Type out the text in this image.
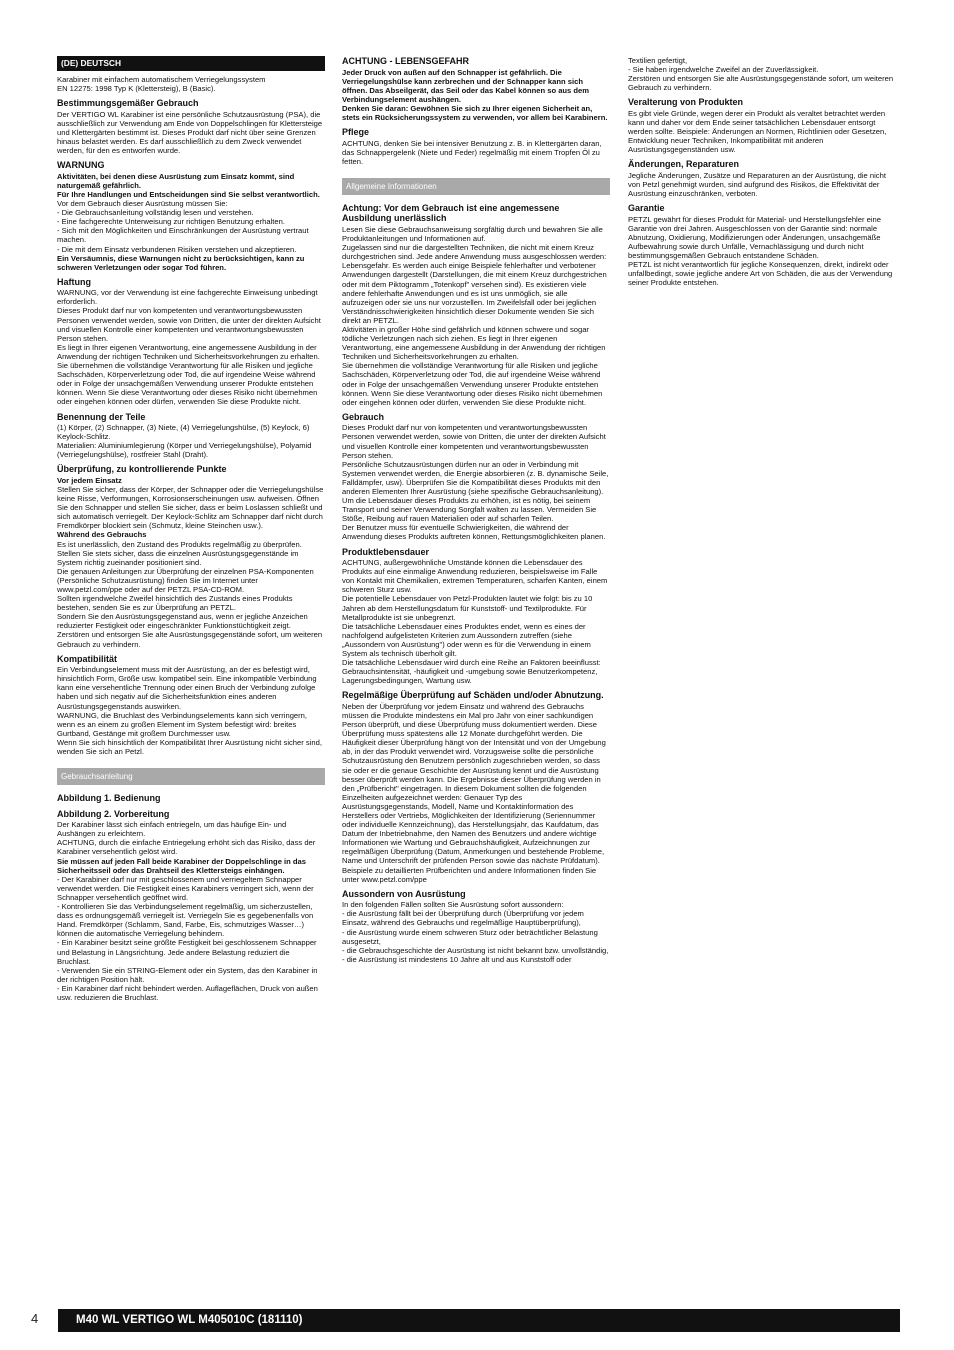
(DE) DEUTSCH

Karabiner mit einfachem automatischem Verriegelungssystem
EN 12275: 1998 Typ K (Klettersteig), B (Basic).

Bestimmungsgemäßer Gebrauch

Der VERTIGO WL Karabiner ist eine persönliche Schutzausrüstung (PSA), die ausschließlich zur Verwendung am Ende von Doppelschlingen für Klettersteige und Klettergärten bestimmt ist. Dieses Produkt darf nicht über seine Grenzen hinaus belastet werden. Es darf ausschließlich zu dem Zweck verwendet werden, für den es entworfen wurde.

WARNUNG

Aktivitäten, bei denen diese Ausrüstung zum Einsatz kommt, sind naturgemäß gefährlich.
Für Ihre Handlungen und Entscheidungen sind Sie selbst verantwortlich.

Vor dem Gebrauch dieser Ausrüstung müssen Sie:
- Die Gebrauchsanleitung vollständig lesen und verstehen.
- Eine fachgerechte Unterweisung zur richtigen Benutzung erhalten.
- Sich mit den Möglichkeiten und Einschränkungen der Ausrüstung vertraut machen.
- Die mit dem Einsatz verbundenen Risiken verstehen und akzeptieren.

Ein Versäumnis, diese Warnungen nicht zu berücksichtigen, kann zu schweren Verletzungen oder sogar Tod führen.

Haftung

WARNUNG, vor der Verwendung ist eine fachgerechte Einweisung unbedingt erforderlich.
Dieses Produkt darf nur von kompetenten und verantwortungsbewussten Personen verwendet werden, sowie von Dritten, die unter der direkten Aufsicht und visuellen Kontrolle einer kompetenten und verantwortungsbewussten Person stehen.
Es liegt in Ihrer eigenen Verantwortung, eine angemessene Ausbildung in der Anwendung der richtigen Techniken und Sicherheitsvorkehrungen zu erhalten.
Sie übernehmen die vollständige Verantwortung für alle Risiken und jegliche Sachschäden, Körperverletzung oder Tod, die auf irgendeine Weise während oder in Folge der unsachgemäßen Verwendung unserer Produkte entstehen können. Wenn Sie diese Verantwortung oder dieses Risiko nicht übernehmen oder eingehen können oder dürfen, verwenden Sie diese Produkte nicht.

Benennung der Teile

(1) Körper, (2) Schnapper, (3) Niete, (4) Verriegelungshülse, (5) Keylock, 6) Keylock-Schlitz.
Materialien: Aluminiumlegierung (Körper und Verriegelungshülse), Polyamid (Verriegelungshülse), rostfreier Stahl (Draht).

Überprüfung, zu kontrollierende Punkte

Vor jedem Einsatz

Stellen Sie sicher, dass der Körper, der Schnapper oder die Verriegelungshülse keine Risse, Verformungen, Korrosionserscheinungen usw. aufweisen. Öffnen Sie den Schnapper und stellen Sie sicher, dass er beim Loslassen schließt und sich automatisch verriegelt. Der Keylock-Schlitz am Schnapper darf nicht durch Fremdkörper blockiert sein (Schmutz, kleine Steinchen usw.).

Während des Gebrauchs

Es ist unerlässlich, den Zustand des Produkts regelmäßig zu überprüfen. Stellen Sie stets sicher, dass die einzelnen Ausrüstungsgegenstände im System richtig zueinander positioniert sind.
Die genauen Anleitungen zur Überprüfung der einzelnen PSA-Komponenten (Persönliche Schutzausrüstung) finden Sie im Internet unter www.petzl.com/ppe oder auf der PETZL PSA-CD-ROM.
Sollten irgendwelche Zweifel hinsichtlich des Zustands eines Produkts bestehen, senden Sie es zur Überprüfung an PETZL.
Sondern Sie den Ausrüstungsgegenstand aus, wenn er jegliche Anzeichen reduzierter Festigkeit oder eingeschränkter Funktionstüchtigkeit zeigt. Zerstören und entsorgen Sie alte Ausrüstungsgegenstände sofort, um weiteren Gebrauch zu verhindern.

Kompatibilität

Ein Verbindungselement muss mit der Ausrüstung, an der es befestigt wird, hinsichtlich Form, Größe usw. kompatibel sein. Eine inkompatible Verbindung kann eine versehentliche Trennung oder einen Bruch der Verbindung zufolge haben und sich negativ auf die Sicherheitsfunktion eines anderen Ausrüstungsgegenstands auswirken.
WARNUNG, die Bruchlast des Verbindungselements kann sich verringern, wenn es an einem zu großen Element im System befestigt wird: breites Gurtband, Gestänge mit großem Durchmesser usw.
Wenn Sie sich hinsichtlich der Kompatibilität Ihrer Ausrüstung nicht sicher sind, wenden Sie sich an Petzl.

Gebrauchsanleitung
Abbildung 1. Bedienung
Abbildung 2. Vorbereitung

Der Karabiner lässt sich einfach entriegeln, um das häufige Ein- und Aushängen zu erleichtern.
ACHTUNG, durch die einfache Entriegelung erhöht sich das Risiko, dass der Karabiner versehentlich gelöst wird.

Sie müssen auf jeden Fall beide Karabiner der Doppelschlinge in das Sicherheitsseil oder das Drahtseil des Klettersteigs einhängen.

- Der Karabiner darf nur mit geschlossenem und verriegeltem Schnapper verwendet werden. Die Festigkeit eines Karabiners verringert sich, wenn der Schnapper versehentlich geöffnet wird.
- Kontrollieren Sie das Verbindungselement regelmäßig, um sicherzustellen, dass es ordnungsgemäß verriegelt ist. Verriegeln Sie es gegebenenfalls von Hand. Fremdkörper (Schlamm, Sand, Farbe, Eis, schmutziges Wasser…) können die automatische Verriegelung behindern.
- Ein Karabiner besitzt seine größte Festigkeit bei geschlossenem Schnapper und Belastung in Längsrichtung. Jede andere Belastung reduziert die Bruchlast.
- Verwenden Sie ein STRING-Element oder ein System, das den Karabiner in der richtigen Position hält.
- Ein Karabiner darf nicht behindert werden. Auflageflächen, Druck von außen usw. reduzieren die Bruchlast.

ACHTUNG - LEBENSGEFAHR

Jeder Druck von außen auf den Schnapper ist gefährlich. Die Verriegelungshülse kann zerbrechen und der Schnapper kann sich öffnen. Das Abseilgerät, das Seil oder das Kabel können so aus dem Verbindungselement aushängen.
Denken Sie daran: Gewöhnen Sie sich zu Ihrer eigenen Sicherheit an, stets ein Rücksicherungssystem zu verwenden, vor allem bei Karabinern.

Pflege

ACHTUNG, denken Sie bei intensiver Benutzung z. B. in Klettergärten daran, das Schnappergelenk (Niete und Feder) regelmäßig mit einem Tropfen Öl zu fetten.

Allgemeine Informationen
Achtung: Vor dem Gebrauch ist eine angemessene Ausbildung unerlässlich

Lesen Sie diese Gebrauchsanweisung sorgfältig durch und bewahren Sie alle Produktanleitungen und Informationen auf.
Zugelassen sind nur die dargestellten Techniken, die nicht mit einem Kreuz durchgestrichen sind. Jede andere Anwendung muss ausgeschlossen werden: Lebensgefahr. Es werden auch einige Beispiele fehlerhafter und verbotener Anwendungen dargestellt (Darstellungen, die mit einem Kreuz durchgestrichen oder mit dem Piktogramm „Totenkopf" versehen sind). Es existieren viele andere fehlerhafte Anwendungen und es ist uns unmöglich, sie alle aufzuzeigen oder sie uns nur vorzustellen. Im Zweifelsfall oder bei jeglichen Verständnisschwierigkeiten hinsichtlich dieser Dokumente wenden Sie sich direkt an PETZL.
Aktivitäten in großer Höhe sind gefährlich und können schwere und sogar tödliche Verletzungen nach sich ziehen. Es liegt in Ihrer eigenen Verantwortung, eine angemessene Ausbildung in der Anwendung der richtigen Techniken und Sicherheitsvorkehrungen zu erhalten.
Sie übernehmen die vollständige Verantwortung für alle Risiken und jegliche Sachschäden, Körperverletzung oder Tod, die auf irgendeine Weise während oder in Folge der unsachgemäßen Verwendung unserer Produkte entstehen können. Wenn Sie diese Verantwortung oder dieses Risiko nicht übernehmen oder eingehen können oder dürfen, verwenden Sie diese Produkte nicht.

Gebrauch

Dieses Produkt darf nur von kompetenten und verantwortungsbewussten Personen verwendet werden, sowie von Dritten, die unter der direkten Aufsicht und visuellen Kontrolle einer kompetenten und verantwortungsbewussten Person stehen.
Persönliche Schutzausrüstungen dürfen nur an oder in Verbindung mit Systemen verwendet werden, die Energie absorbieren (z. B. dynamische Seile, Falldämpfer, usw). Überprüfen Sie die Kompatibilität dieses Produkts mit den anderen Elementen Ihrer Ausrüstung (siehe spezifische Gebrauchsanleitung).
Um die Lebensdauer dieses Produkts zu erhöhen, ist es nötig, bei seinem Transport und seiner Verwendung Sorgfalt walten zu lassen. Vermeiden Sie Stöße, Reibung auf rauen Materialien oder auf scharfen Teilen.
Der Benutzer muss für eventuelle Schwierigkeiten, die während der Anwendung dieses Produkts auftreten können, Rettungsmöglichkeiten planen.

Produktlebensdauer

ACHTUNG, außergewöhnliche Umstände können die Lebensdauer des Produkts auf eine einmalige Anwendung reduzieren, beispielsweise im Falle von Kontakt mit Chemikalien, extremen Temperaturen, scharfen Kanten, einem schweren Sturz usw.
Die potentielle Lebensdauer von Petzl-Produkten lautet wie folgt: bis zu 10 Jahren ab dem Herstellungsdatum für Kunststoff- und Textilprodukte. Für Metallprodukte ist sie unbegrenzt.
Die tatsächliche Lebensdauer eines Produktes endet, wenn es eines der nachfolgend aufgelisteten Kriterien zum Aussondern zutreffen (siehe „Aussondern von Ausrüstung") oder wenn es für die Verwendung in einem System als technisch überholt gilt.
Die tatsächliche Lebensdauer wird durch eine Reihe an Faktoren beeinflusst: Gebrauchsintensität, -häufigkeit und -umgebung sowie Benutzerkompetenz, Lagerungsbedingungen, Wartung usw.

Regelmäßige Überprüfung auf Schäden und/oder Abnutzung.

Neben der Überprüfung vor jedem Einsatz und während des Gebrauchs müssen die Produkte mindestens ein Mal pro Jahr von einer sachkundigen Person überprüft, und diese Überprüfung muss dokumentiert werden. Diese Überprüfung muss spätestens alle 12 Monate durchgeführt werden. Die Häufigkeit dieser Überprüfung hängt von der Intensität und von der Umgebung ab, in der das Produkt verwendet wird. Vorzugsweise sollte die persönliche Schutzausrüstung den Benutzern persönlich zugeschrieben werden, so dass sie oder er die genaue Geschichte der Ausrüstung kennt und die Ausrüstung besser überprüft werden kann. Die Ergebnisse dieser Überprüfung werden in den „Prüfbericht" eingetragen. In diesem Dokument sollten die folgenden Einzelheiten aufgezeichnet werden: Genauer Typ des Ausrüstungsgegenstands, Modell, Name und Kontaktinformation des Herstellers oder Vertriebs, Möglichkeiten der Identifizierung (Seriennummer oder individuelle Kennzeichnung), das Herstellungsjahr, das Kaufdatum, das Datum der Inbetriebnahme, den Namen des Benutzers und andere wichtige Informationen wie Wartung und Gebrauchshäufigkeit, Aufzeichnungen zur regelmäßigen Überprüfung (Datum, Anmerkungen und bestehende Probleme, Name und Unterschrift der prüfenden Person sowie das nächste Prüfdatum). Beispiele zu detaillierten Prüfberichten und andere Informationen finden Sie unter www.petzl.com/ppe

Aussondern von Ausrüstung

In den folgenden Fällen sollten Sie Ausrüstung sofort aussondern:
- die Ausrüstung fällt bei der Überprüfung durch (Überprüfung vor jedem Einsatz, während des Gebrauchs und regelmäßige Hauptüberprüfung),
- die Ausrüstung wurde einem schweren Sturz oder beträchtlicher Belastung ausgesetzt,
- die Gebrauchsgeschichte der Ausrüstung ist nicht bekannt bzw. unvollständig,
- die Ausrüstung ist mindestens 10 Jahre alt und aus Kunststoff oder

Textilien gefertigt,
- Sie haben irgendwelche Zweifel an der Zuverlässigkeit.
Zerstören und entsorgen Sie alte Ausrüstungsgegenstände sofort, um weiteren Gebrauch zu verhindern.

Veralterung von Produkten

Es gibt viele Gründe, wegen derer ein Produkt als veraltet betrachtet werden kann und daher vor dem Ende seiner tatsächlichen Lebensdauer entsorgt werden sollte. Beispiele: Änderungen an Normen, Richtlinien oder Gesetzen, Entwicklung neuer Techniken, Inkompatibilität mit anderen Ausrüstungsgegenständen usw.

Änderungen, Reparaturen

Jegliche Änderungen, Zusätze und Reparaturen an der Ausrüstung, die nicht von Petzl genehmigt wurden, sind aufgrund des Risikos, die Effektivität der Ausrüstung einzuschränken, verboten.

Garantie

PETZL gewährt für dieses Produkt für Material- und Herstellungsfehler eine Garantie von drei Jahren. Ausgeschlossen von der Garantie sind: normale Abnutzung, Oxidierung, Modifizierungen oder Änderungen, unsachgemäße Aufbewahrung sowie durch Unfälle, Vernachlässigung und durch nicht bestimmungsgemäßen Gebrauch entstandene Schäden.
PETZL ist nicht verantwortlich für jegliche Konsequenzen, direkt, indirekt oder unfallbedingt, sowie jegliche andere Art von Schäden, die aus der Verwendung seiner Produkte entstehen.

4	M40 WL VERTIGO WL M405010C (181110)
